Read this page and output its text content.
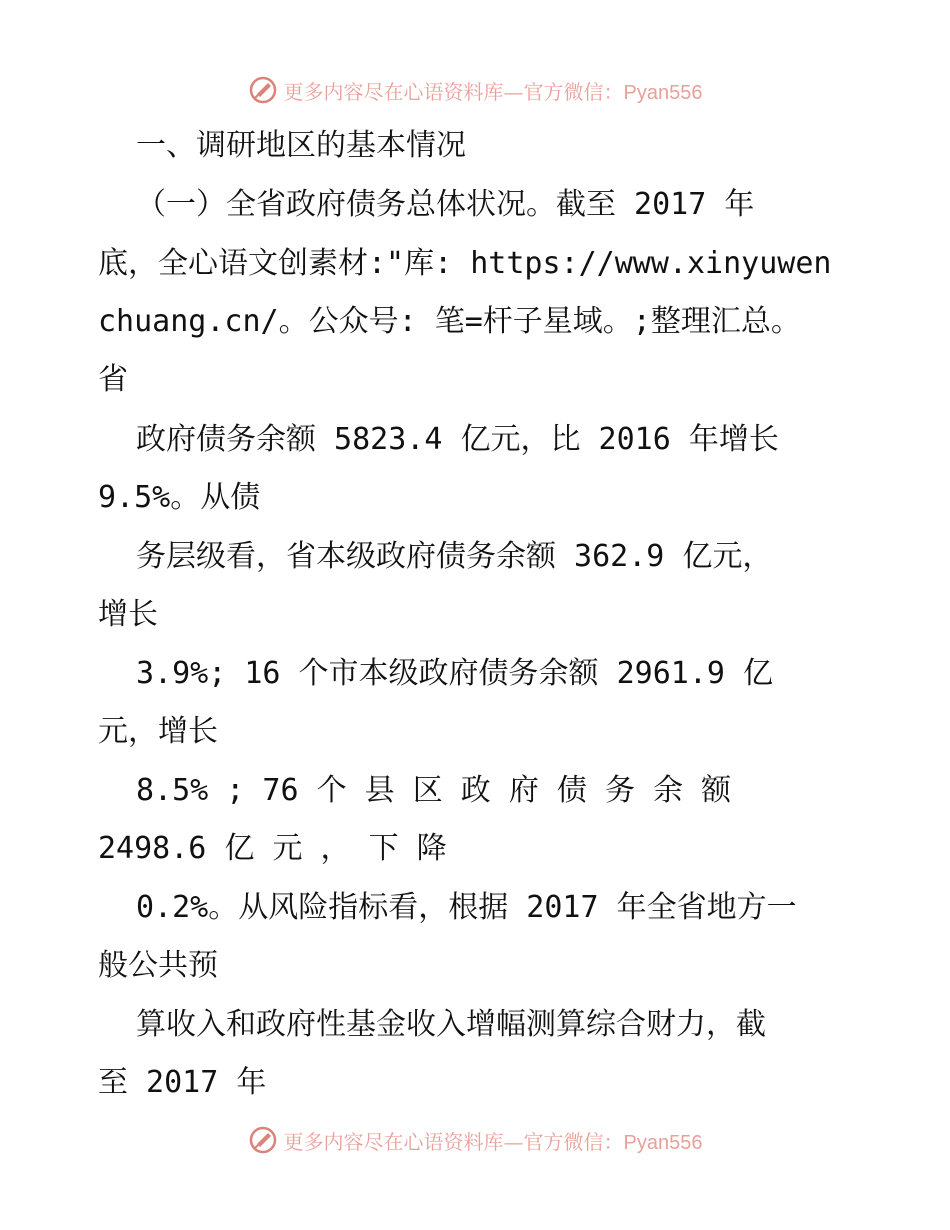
更多内容尽在心语资料库—官方微信：Pyan556
一、调研地区的基本情况
（一）全省政府债务总体状况。截至 2017 年
底，全心语文创素材:"库: https://www.xinyuwen
chuang.cn/。公众号: 笔=杆子星域。;整理汇总。
省
政府债务余额 5823.4 亿元，比 2016 年增长
9.5%。从债
务层级看，省本级政府债务余额 362.9 亿元，
增长
3.9%; 16 个市本级政府债务余额 2961.9 亿
元，增长
8.5% ; 76 个 县 区 政 府 债 务 余 额
2498.6 亿 元 ， 下 降
0.2%。从风险指标看，根据 2017 年全省地方一
般公共预
算收入和政府性基金收入增幅测算综合财力，截
至 2017 年
更多内容尽在心语资料库—官方微信：Pyan556
